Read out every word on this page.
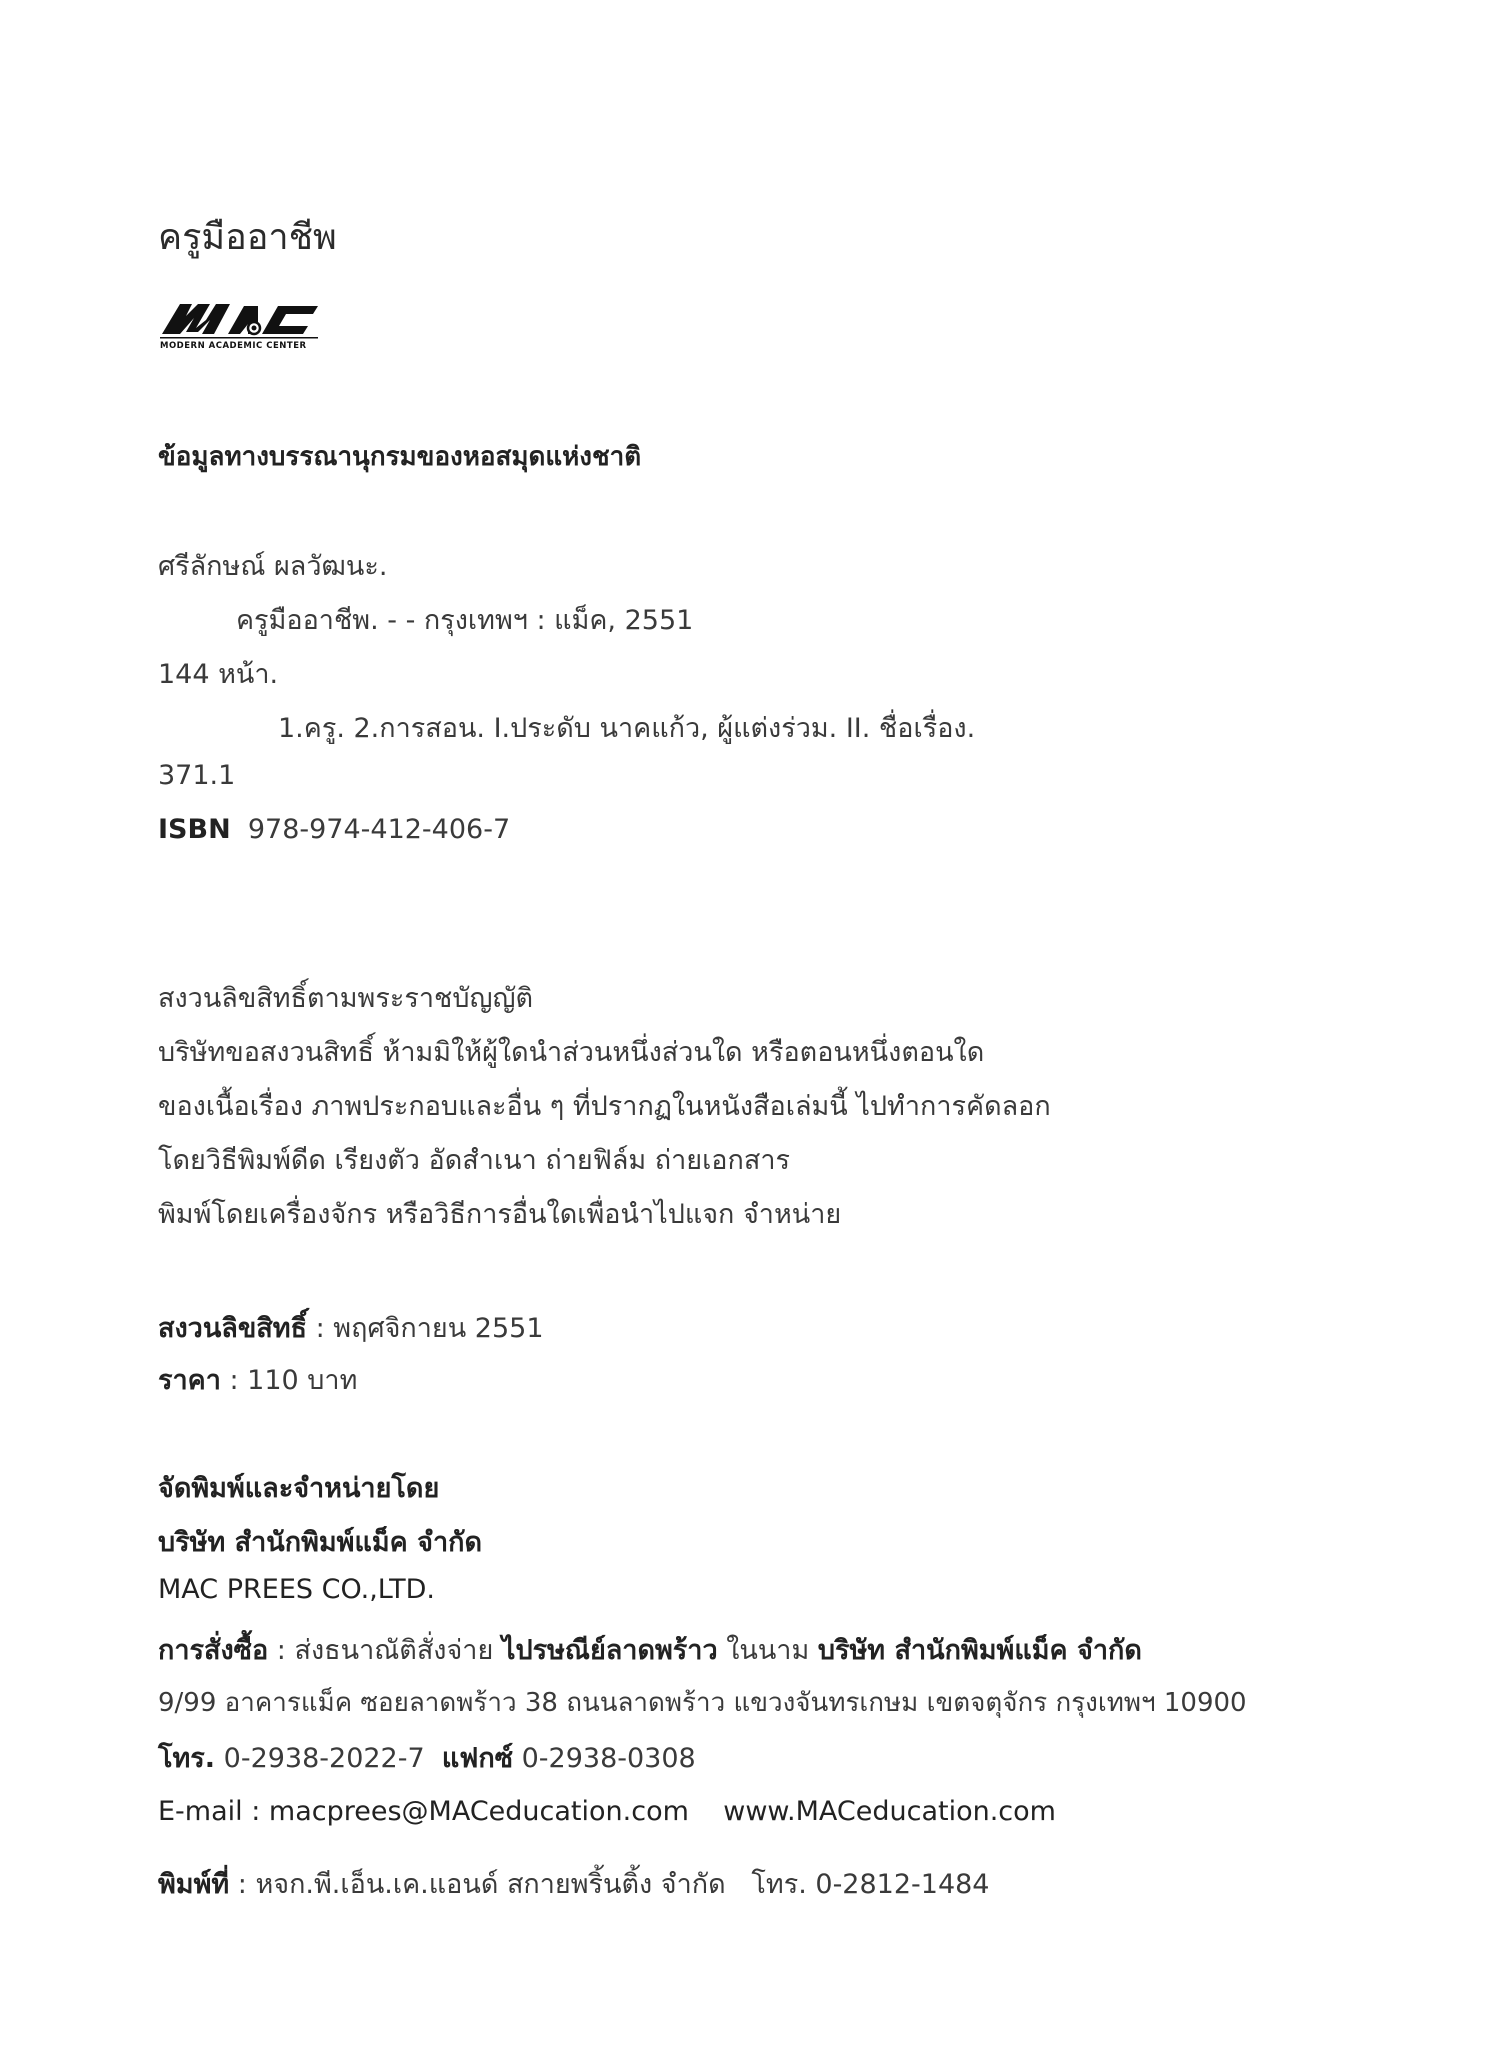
ครูมืออาชีพ
MODERN ACADEMIC CENTER
ข้อมูลทางบรรณานุกรมของหอสมุดแห่งชาติ
ศรีลักษณ์ ผลวัฒนะ.
ครูมืออาชีพ. - - กรุงเทพฯ : แม็ค, 2551
144 หน้า.
1.ครู. 2.การสอน. I.ประดับ นาคแก้ว, ผู้แต่งร่วม. II. ชื่อเรื่อง.
371.1
ISBN 978-974-412-406-7
สงวนลิขสิทธิ์ตามพระราชบัญญัติ
บริษัทขอสงวนสิทธิ์ ห้ามมิให้ผู้ใดนำส่วนหนึ่งส่วนใด หรือตอนหนึ่งตอนใด
ของเนื้อเรื่อง ภาพประกอบและอื่น ๆ ที่ปรากฏในหนังสือเล่มนี้ ไปทำการคัดลอก
โดยวิธีพิมพ์ดีด เรียงตัว อัดสำเนา ถ่ายฟิล์ม ถ่ายเอกสาร
พิมพ์โดยเครื่องจักร หรือวิธีการอื่นใดเพื่อนำไปแจก จำหน่าย
สงวนลิขสิทธิ์ : พฤศจิกายน 2551
ราคา : 110 บาท
จัดพิมพ์และจำหน่ายโดย
บริษัท สำนักพิมพ์แม็ค จำกัด
MAC PREES CO.,LTD.
การสั่งซื้อ : ส่งธนาณัติสั่งจ่าย ไปรษณีย์ลาดพร้าว ในนาม บริษัท สำนักพิมพ์แม็ค จำกัด
9/99 อาคารแม็ค ซอยลาดพร้าว 38 ถนนลาดพร้าว แขวงจันทรเกษม เขตจตุจักร กรุงเทพฯ 10900
โทร. 0-2938-2022-7  แฟกซ์ 0-2938-0308
E-mail : macprees@MACeducation.com www.MACeducation.com
พิมพ์ที่ : หจก.พี.เอ็น.เค.แอนด์ สกายพริ้นติ้ง จำกัด โทร. 0-2812-1484
